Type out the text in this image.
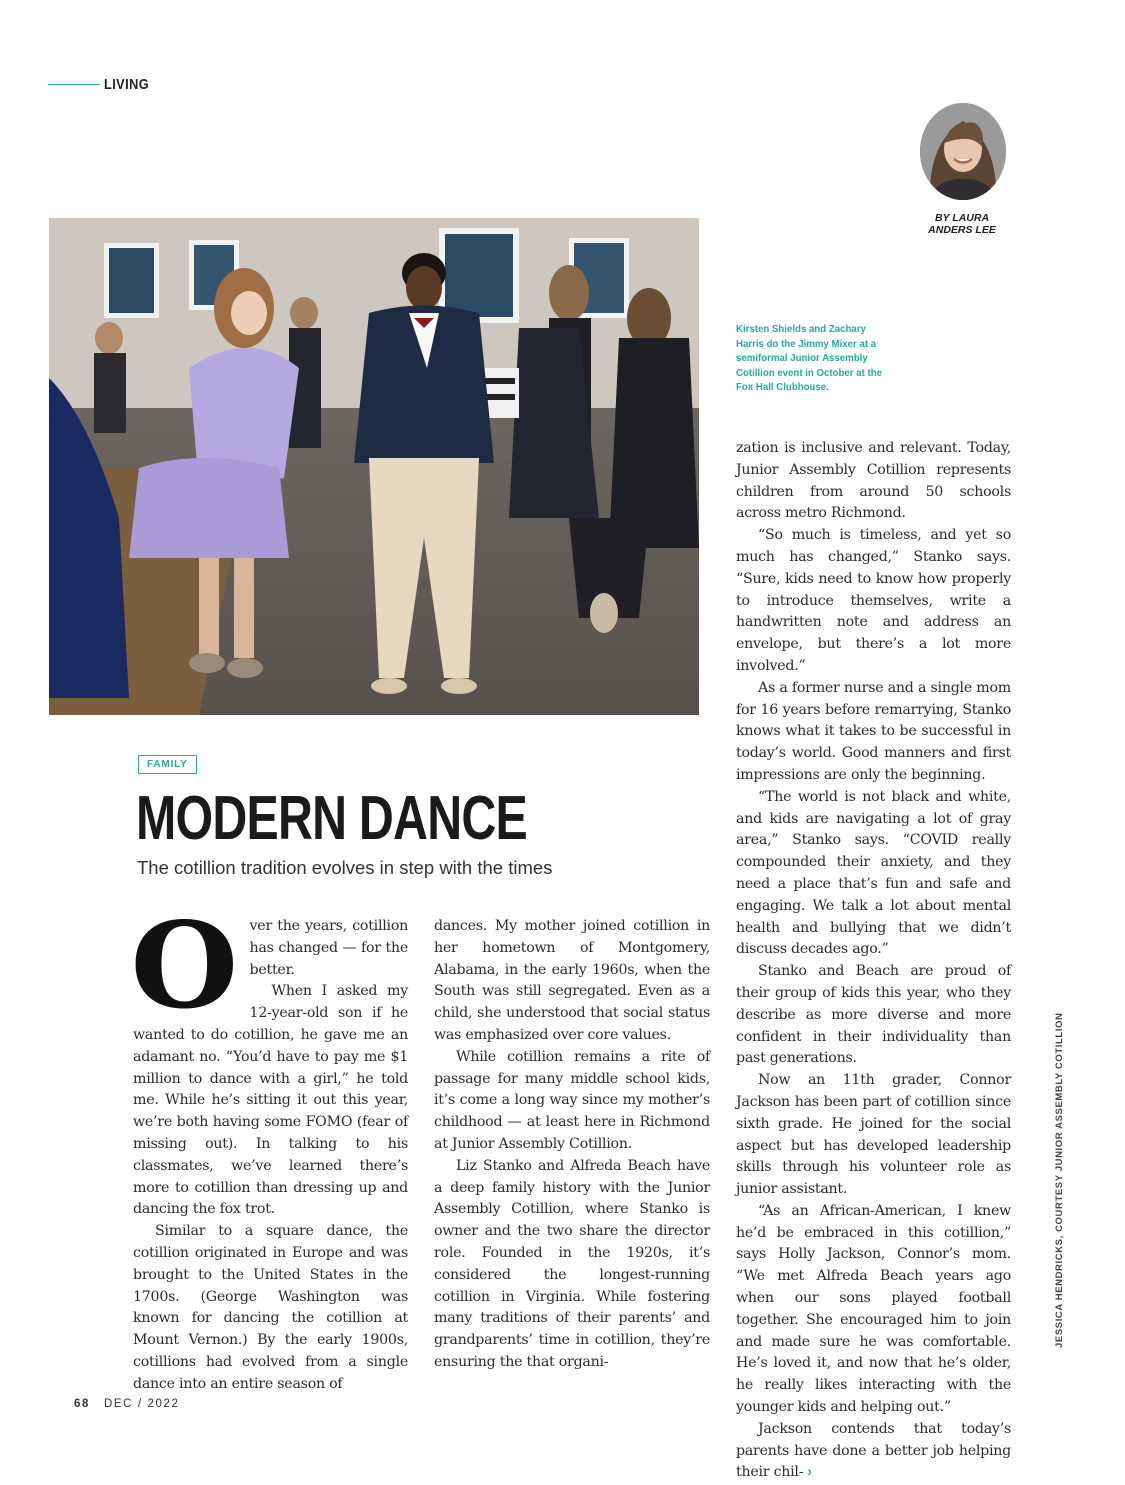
LIVING
BY LAURA
ANDERS LEE
Kirsten Shields and Zachary Harris do the Jimmy Mixer at a semiformal Junior Assembly Cotillion event in October at the Fox Hall Clubhouse.
FAMILY
MODERN DANCE
The cotillion tradition evolves in step with the times
O ver the years, cotillion has changed — for the better.

When I asked my 12-year-old son if he wanted to do cotillion, he gave me an adamant no. “You’d have to pay me $1 million to dance with a girl,” he told me. While he’s sitting it out this year, we’re both having some FOMO (fear of missing out). In talking to his classmates, we’ve learned there’s more to cotillion than dressing up and dancing the fox trot.

Similar to a square dance, the cotillion originated in Europe and was brought to the United States in the 1700s. (George Washington was known for dancing the cotillion at Mount Vernon.) By the early 1900s, cotillions had evolved from a single dance into an entire season of

dances. My mother joined cotillion in her hometown of Montgomery, Alabama, in the early 1960s, when the South was still segregated. Even as a child, she understood that social status was emphasized over core values.

While cotillion remains a rite of passage for many middle school kids, it’s come a long way since my mother’s childhood — at least here in Richmond at Junior Assembly Cotillion.

Liz Stanko and Alfreda Beach have a deep family history with the Junior Assembly Cotillion, where Stanko is owner and the two share the director role. Founded in the 1920s, it’s considered the longest-running cotillion in Virginia. While fostering many traditions of their parents’ and grandparents’ time in cotillion, they’re ensuring the that organi-

zation is inclusive and relevant. Today, Junior Assembly Cotillion represents children from around 50 schools across metro Richmond.

“So much is timeless, and yet so much has changed,” Stanko says. “Sure, kids need to know how properly to introduce themselves, write a handwritten note and address an envelope, but there’s a lot more involved.”

As a former nurse and a single mom for 16 years before remarrying, Stanko knows what it takes to be successful in today’s world. Good manners and first impressions are only the beginning.

“The world is not black and white, and kids are navigating a lot of gray area,” Stanko says. “COVID really compounded their anxiety, and they need a place that’s fun and safe and engaging. We talk a lot about mental health and bullying that we didn’t discuss decades ago.”

Stanko and Beach are proud of their group of kids this year, who they describe as more diverse and more confident in their individuality than past generations.

Now an 11th grader, Connor Jackson has been part of cotillion since sixth grade. He joined for the social aspect but has developed leadership skills through his volunteer role as junior assistant.

“As an African-American, I knew he’d be embraced in this cotillion,” says Holly Jackson, Connor’s mom. “We met Alfreda Beach years ago when our sons played football together. She encouraged him to join and made sure he was comfortable. He’s loved it, and now that he’s older, he really likes interacting with the younger kids and helping out.”

Jackson contends that today’s parents have done a better job helping their chil- ›

JESSICA HENDRICKS, COURTESY JUNIOR ASSEMBLY COTILLION
68 DEC / 2022
